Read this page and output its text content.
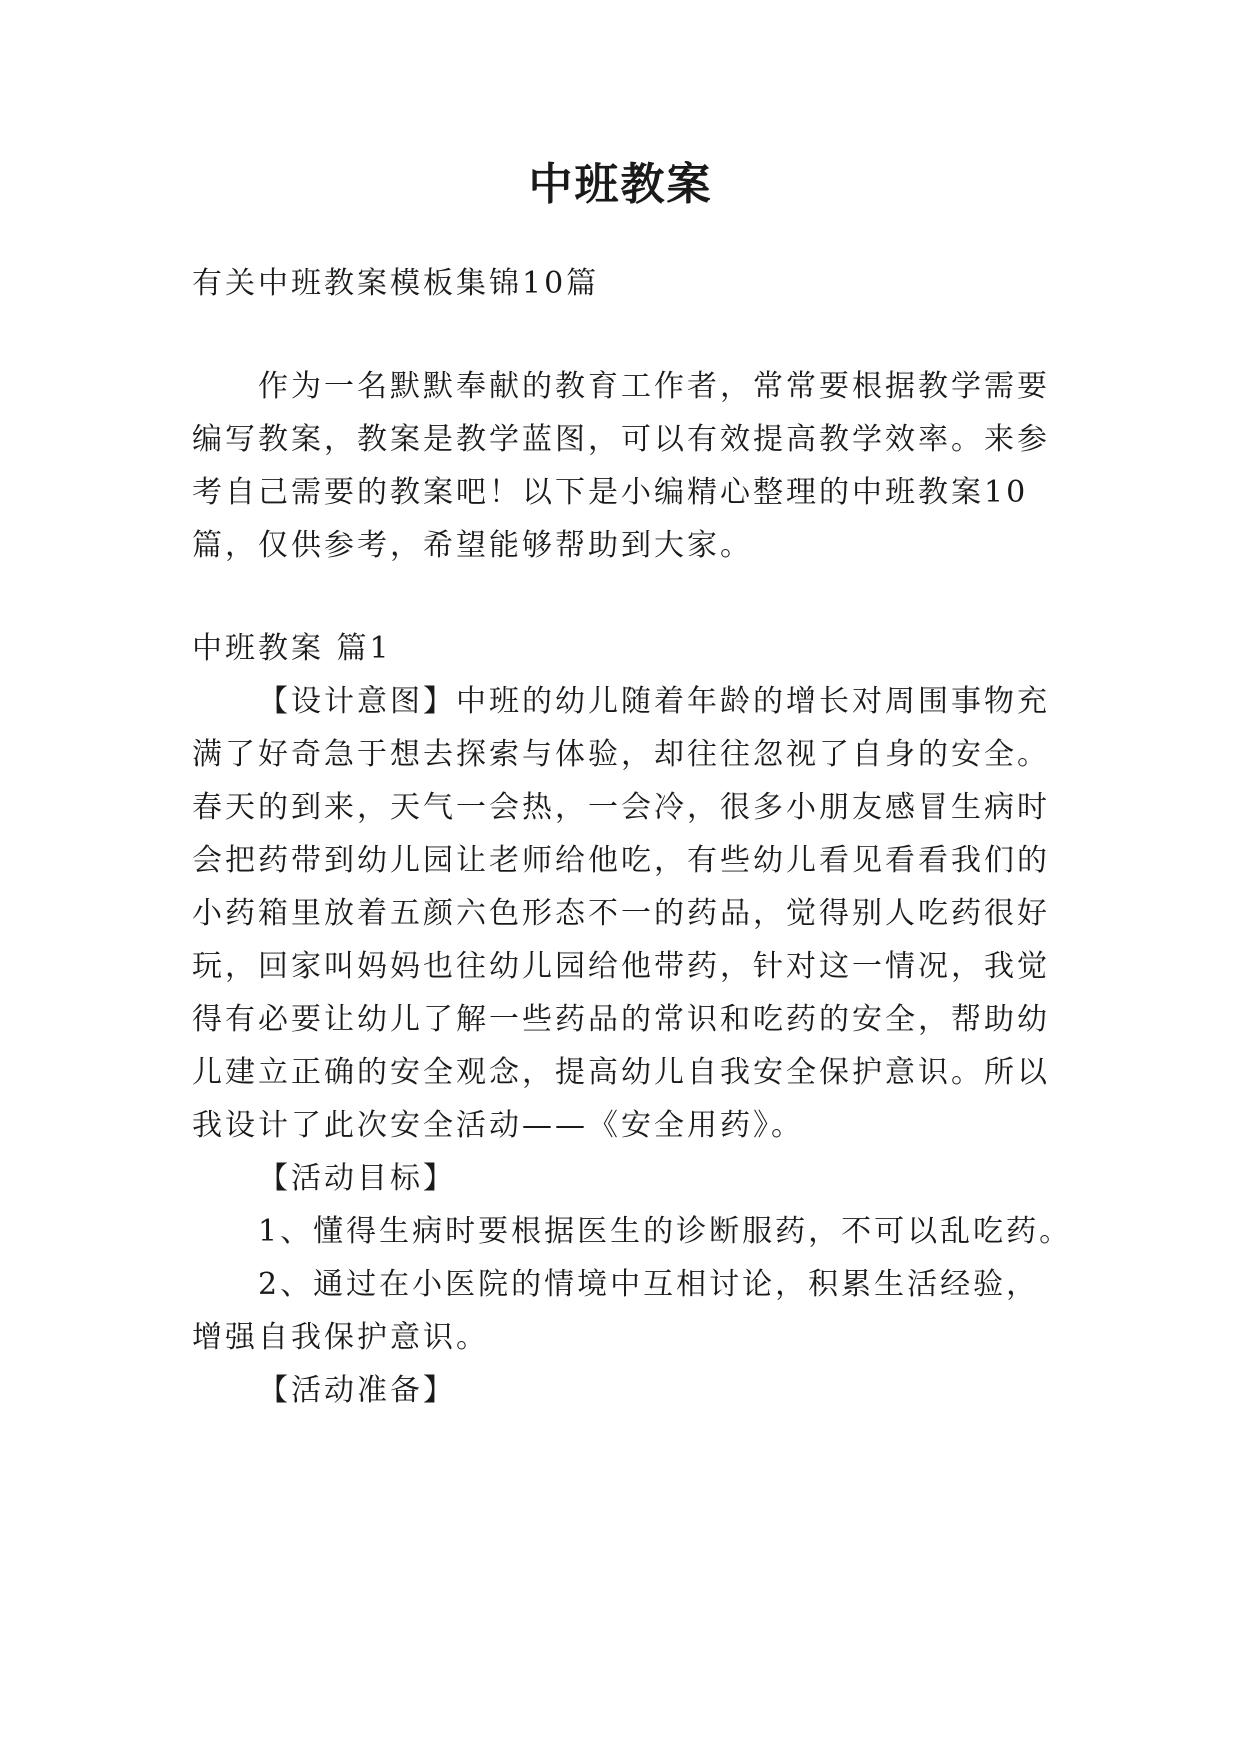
中班教案
有关中班教案模板集锦10篇
作为一名默默奉献的教育工作者，常常要根据教学需要
编写教案，教案是教学蓝图，可以有效提高教学效率。来参
考自己需要的教案吧！以下是小编精心整理的中班教案10
篇，仅供参考，希望能够帮助到大家。
中班教案 篇1
【设计意图】中班的幼儿随着年龄的增长对周围事物充
满了好奇急于想去探索与体验，却往往忽视了自身的安全。
春天的到来，天气一会热，一会冷，很多小朋友感冒生病时
会把药带到幼儿园让老师给他吃，有些幼儿看见看看我们的
小药箱里放着五颜六色形态不一的药品，觉得别人吃药很好
玩，回家叫妈妈也往幼儿园给他带药，针对这一情况，我觉
得有必要让幼儿了解一些药品的常识和吃药的安全，帮助幼
儿建立正确的安全观念，提高幼儿自我安全保护意识。所以
我设计了此次安全活动——《安全用药》。
【活动目标】
1、懂得生病时要根据医生的诊断服药，不可以乱吃药。
2、通过在小医院的情境中互相讨论，积累生活经验，
增强自我保护意识。
【活动准备】
